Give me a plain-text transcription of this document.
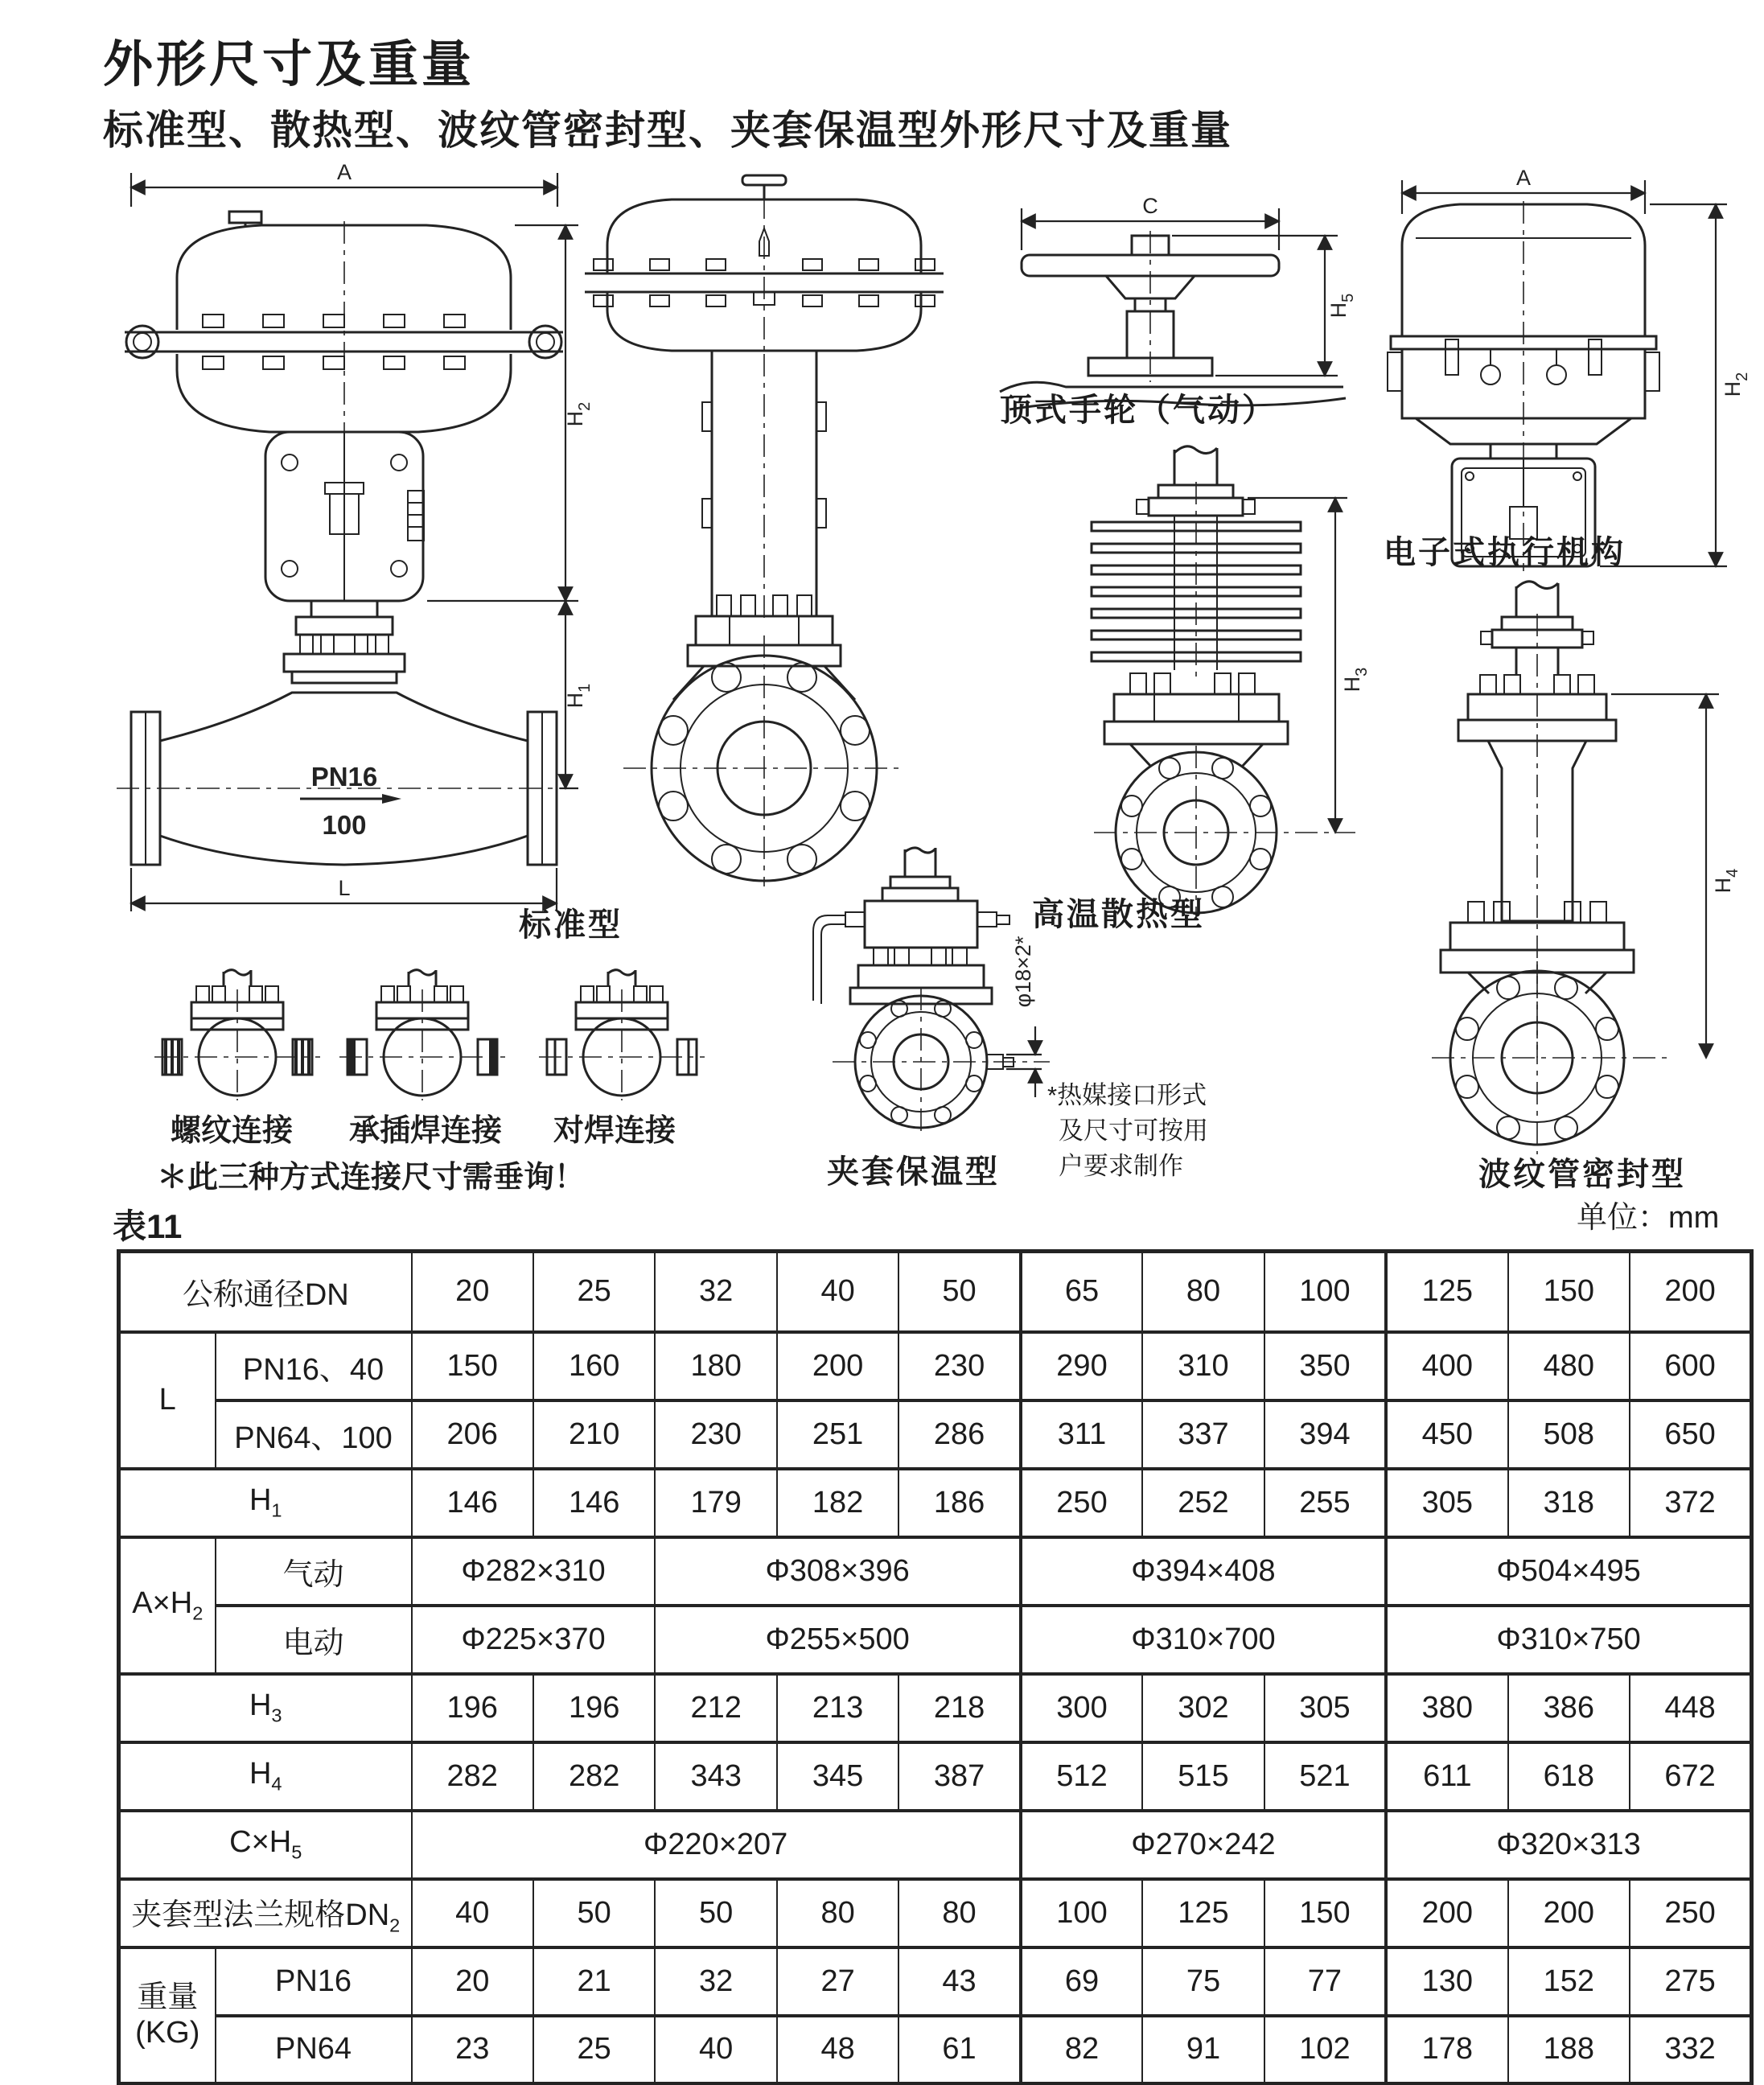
外形尺寸及重量
标准型、散热型、波纹管密封型、夹套保温型外形尺寸及重量
A
PN16
100
$H_2$
$H_1$
L
标准型
C
$H_5$
顶式手轮（气动）
A
$H_2$
电子式执行机构
$H_3$
高温散热型
$H_4$
波纹管密封型
螺纹连接 承插焊连接 对焊连接
＊此三种方式连接尺寸需垂询！
φ18×2*
夹套保温型
*热媒接口形式
及尺寸可按用
户要求制作
表11	单位：mm
公称通径DN		20	25	32	40	50	65	80	100	125	150	200
L	PN16、40	150	160	180	200	230	290	310	350	400	480	600
	PN64、100	206	210	230	251	286	311	337	394	450	508	650
$H_1$		146	146	179	182	186	250	252	255	305	318	372
$A\times H_2$	气动	Φ282×310		Φ308×396			Φ394×408			Φ504×495		
	电动	Φ225×370		Φ255×500			Φ310×700			Φ310×750		
$H_3$		196	196	212	213	218	300	302	305	380	386	448
$H_4$		282	282	343	345	387	512	515	521	611	618	672
$C\times H_5$		Φ220×207					Φ270×242			Φ320×313		
夹套型法兰规格$DN_2$		40	50	50	80	80	100	125	150	200	200	250

重量
(KG)	PN16	20	21	32	27	43	69	75	77	130	152	275
	PN64	23	25	40	48	61	82	91	102	178	188	332
